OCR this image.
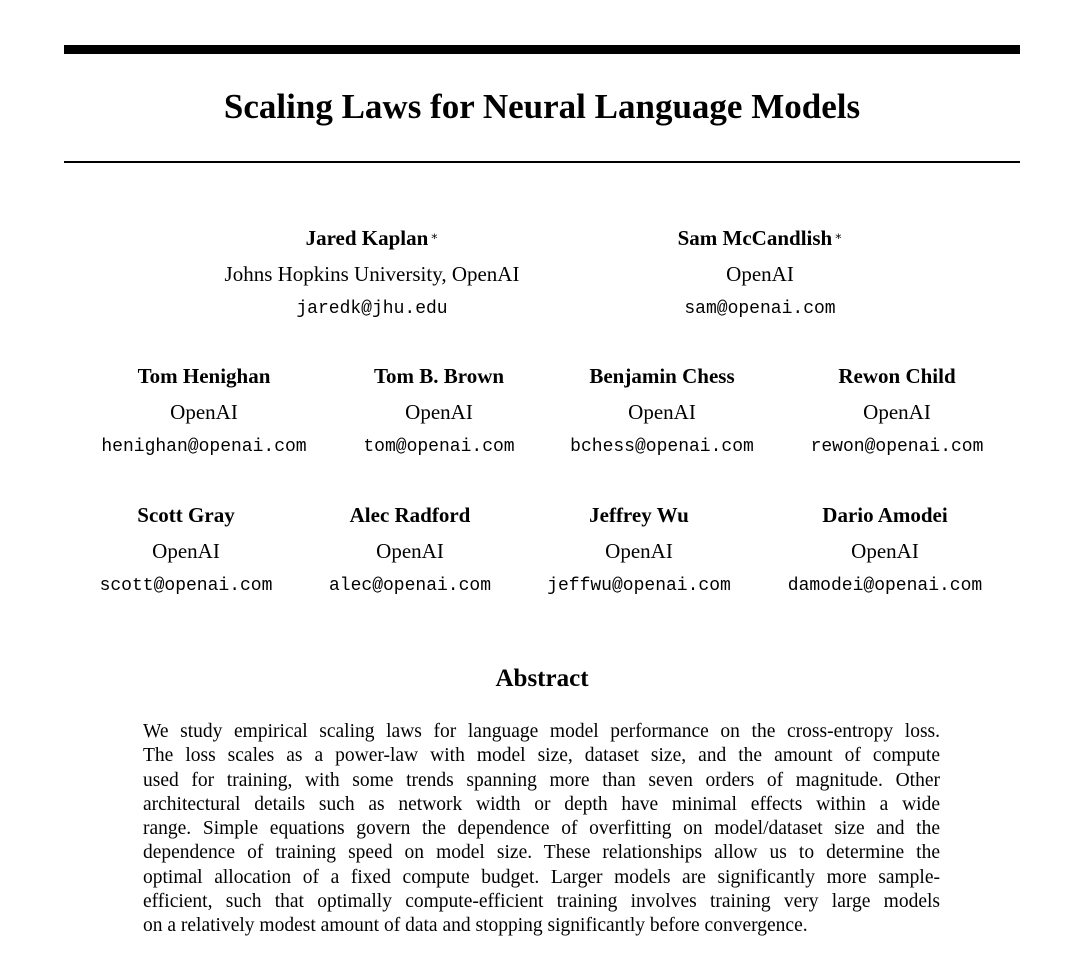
Scaling Laws for Neural Language Models
Jared Kaplan ∗
Johns Hopkins University, OpenAI
jaredk@jhu.edu
Sam McCandlish ∗
OpenAI
sam@openai.com
Tom Henighan
OpenAI
henighan@openai.com
Tom B. Brown
OpenAI
tom@openai.com
Benjamin Chess
OpenAI
bchess@openai.com
Rewon Child
OpenAI
rewon@openai.com
Scott Gray
OpenAI
scott@openai.com
Alec Radford
OpenAI
alec@openai.com
Jeffrey Wu
OpenAI
jeffwu@openai.com
Dario Amodei
OpenAI
damodei@openai.com
Abstract
We study empirical scaling laws for language model performance on the cross-entropy loss.
The loss scales as a power-law with model size, dataset size, and the amount of compute
used for training, with some trends spanning more than seven orders of magnitude. Other
architectural details such as network width or depth have minimal effects within a wide
range. Simple equations govern the dependence of overfitting on model/dataset size and the
dependence of training speed on model size. These relationships allow us to determine the
optimal allocation of a fixed compute budget. Larger models are significantly more sample-
efficient, such that optimally compute-efficient training involves training very large models
on a relatively modest amount of data and stopping significantly before convergence.
